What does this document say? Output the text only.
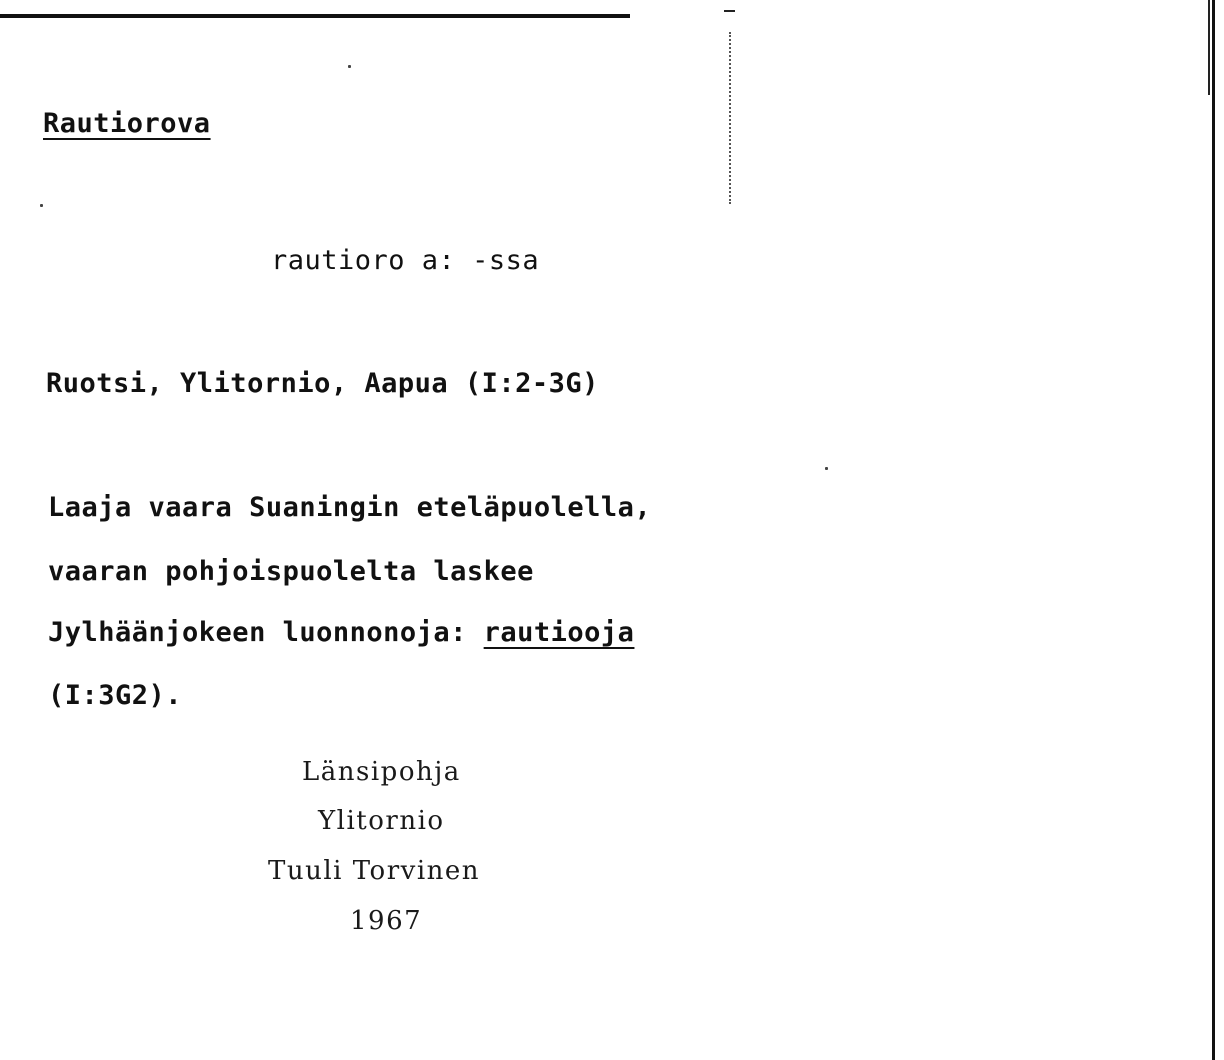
Rautiorova
rautioro a: -ssa
Ruotsi, Ylitornio, Aapua (I:2-3G)
Laaja vaara Suaningin eteläpuolella,
vaaran pohjoispuolelta laskee
Jylhäänjokeen luonnonoja: rautiooja
(I:3G2).
Länsipohja
Ylitornio
Tuuli Torvinen
1967
